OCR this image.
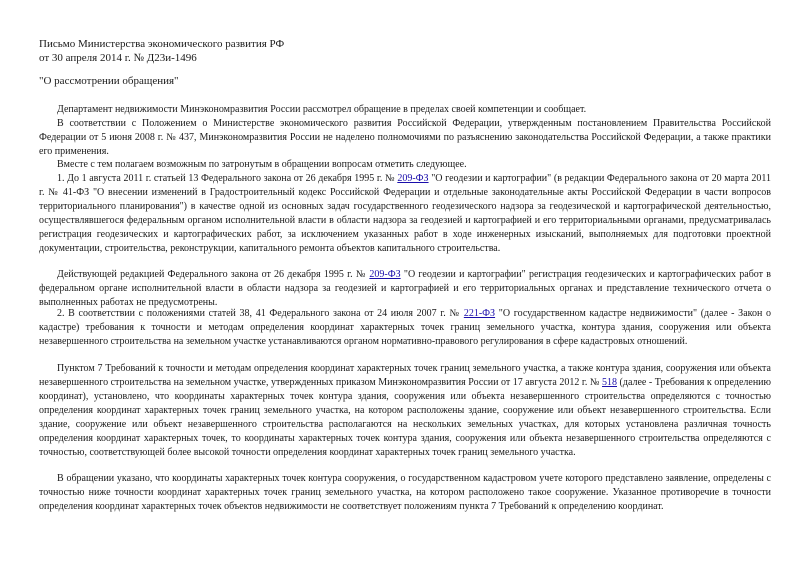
Письмо Министерства экономического развития РФ
от 30 апреля 2014 г. № Д23и-1496
"О рассмотрении обращения"

Департамент недвижимости Минэкономразвития России рассмотрел обращение в пределах своей компетенции и сообщает.

В соответствии с Положением о Министерстве экономического развития Российской Федерации, утвержденным постановлением Правительства Российской Федерации от 5 июня 2008 г. № 437, Минэкономразвития России не наделено полномочиями по разъяснению законодательства Российской Федерации, а также практики его применения.

Вместе с тем полагаем возможным по затронутым в обращении вопросам отметить следующее.

1. До 1 августа 2011 г. статьей 13 Федерального закона от 26 декабря 1995 г. № 209-ФЗ "О геодезии и картографии" (в редакции Федерального закона от 20 марта 2011 г. № 41-ФЗ "О внесении изменений в Градостроительный кодекс Российской Федерации и отдельные законодательные акты Российской Федерации в части вопросов территориального планирования") в качестве одной из основных задач государственного геодезического надзора за геодезической и картографической деятельностью, осуществлявшегося федеральным органом исполнительной власти в области надзора за геодезией и картографией и его территориальными органами, предусматривалась регистрация геодезических и картографических работ, за исключением указанных работ в ходе инженерных изысканий, выполняемых для подготовки проектной документации, строительства, реконструкции, капитального ремонта объектов капитального строительства.

Действующей редакцией Федерального закона от 26 декабря 1995 г. № 209-ФЗ "О геодезии и картографии" регистрация геодезических и картографических работ в федеральном органе исполнительной власти в области надзора за геодезией и картографией и его территориальных органах и представление технического отчета о выполненных работах не предусмотрены.

2. В соответствии с положениями статей 38, 41 Федерального закона от 24 июля 2007 г. № 221-ФЗ "О государственном кадастре недвижимости" (далее - Закон о кадастре) требования к точности и методам определения координат характерных точек границ земельного участка, контура здания, сооружения или объекта незавершенного строительства на земельном участке устанавливаются органом нормативно-правового регулирования в сфере кадастровых отношений.

Пунктом 7 Требований к точности и методам определения координат характерных точек границ земельного участка, а также контура здания, сооружения или объекта незавершенного строительства на земельном участке, утвержденных приказом Минэкономразвития России от 17 августа 2012 г. № 518 (далее - Требования к определению координат), установлено, что координаты характерных точек контура здания, сооружения или объекта незавершенного строительства определяются с точностью определения координат характерных точек границ земельного участка, на котором расположены здание, сооружение или объект незавершенного строительства. Если здание, сооружение или объект незавершенного строительства располагаются на нескольких земельных участках, для которых установлена различная точность определения координат характерных точек, то координаты характерных точек контура здания, сооружения или объекта незавершенного строительства определяются с точностью, соответствующей более высокой точности определения координат характерных точек границ земельного участка.

В обращении указано, что координаты характерных точек контура сооружения, о государственном кадастровом учете которого представлено заявление, определены с точностью ниже точности координат характерных точек границ земельного участка, на котором расположено такое сооружение. Указанное противоречие в точности определения координат характерных точек объектов недвижимости не соответствует положениям пункта 7 Требований к определению координат.
